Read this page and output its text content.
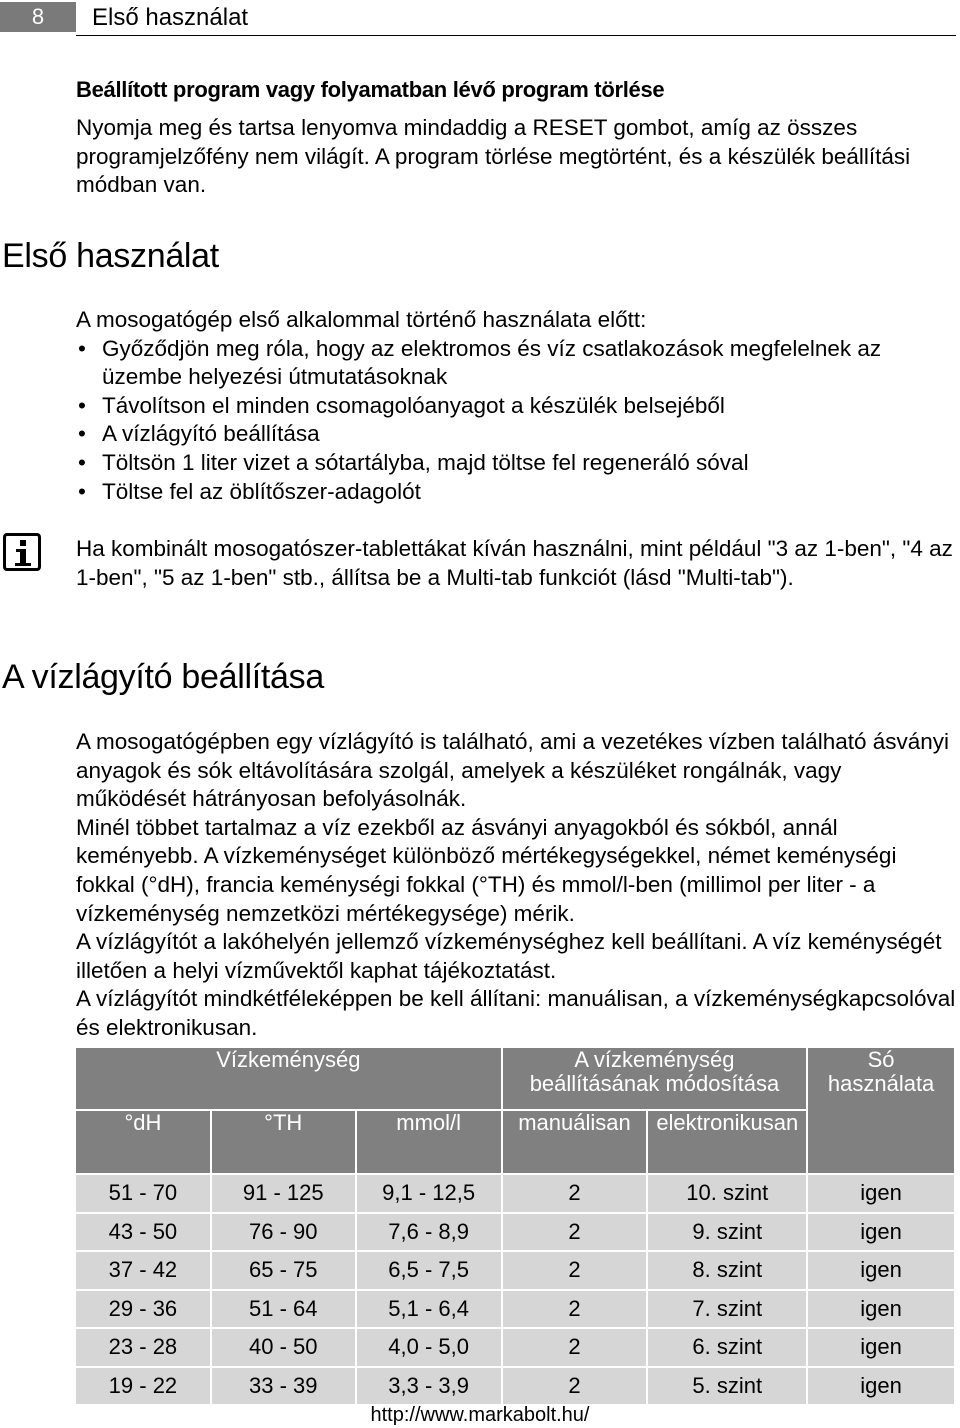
8	Első használat
Beállított program vagy folyamatban lévő program törlése

Nyomja meg és tartsa lenyomva mindaddig a RESET gombot, amíg az összes programjelzőfény nem világít. A program törlése megtörtént, és a készülék beállítási módban van.

Első használat

A mosogatógép első alkalommal történő használata előtt:

• Győződjön meg róla, hogy az elektromos és víz csatlakozások megfelelnek az üzembe helyezési útmutatásoknak
• Távolítson el minden csomagolóanyagot a készülék belsejéből
• A vízlágyító beállítása
• Töltsön 1 liter vizet a sótartályba, majd töltse fel regeneráló sóval
• Töltse fel az öblítőszer-adagolót

Ha kombinált mosogatószer-tablettákat kíván használni, mint például "3 az 1-ben", "4 az 1-ben", "5 az 1-ben" stb., állítsa be a Multi-tab funkciót (lásd "Multi-tab").

A vízlágyító beállítása

A mosogatógépben egy vízlágyító is található, ami a vezetékes vízben található ásványi anyagok és sók eltávolítására szolgál, amelyek a készüléket rongálnák, vagy működését hátrányosan befolyásolnák.

Minél többet tartalmaz a víz ezekből az ásványi anyagokból és sókból, annál keményebb. A vízkeménységet különböző mértékegységekkel, német keménységi fokkal (°dH), francia keménységi fokkal (°TH) és mmol/l-ben (millimol per liter - a vízkeménység nemzetközi mértékegysége) mérik.

A vízlágyítót a lakóhelyén jellemző vízkeménységhez kell beállítani. A víz keménységét illetően a helyi vízművektől kaphat tájékoztatást.

A vízlágyítót mindkétféleképpen be kell állítani: manuálisan, a vízkeménységkapcsolóval és elektronikusan.

Vízkeménység			A vízkeménység beállításának módosítása		Só használata
°dH	°TH	mmol/l	manuálisan	elektronikusan	
51 - 70	91 - 125	9,1 - 12,5	2	10. szint	igen
43 - 50	76 - 90	7,6 - 8,9	2	9. szint	igen
37 - 42	65 - 75	6,5 - 7,5	2	8. szint	igen
29 - 36	51 - 64	5,1 - 6,4	2	7. szint	igen
23 - 28	40 - 50	4,0 - 5,0	2	6. szint	igen
19 - 22	33 - 39	3,3 - 3,9	2	5. szint	igen
http://www.markabolt.hu/
